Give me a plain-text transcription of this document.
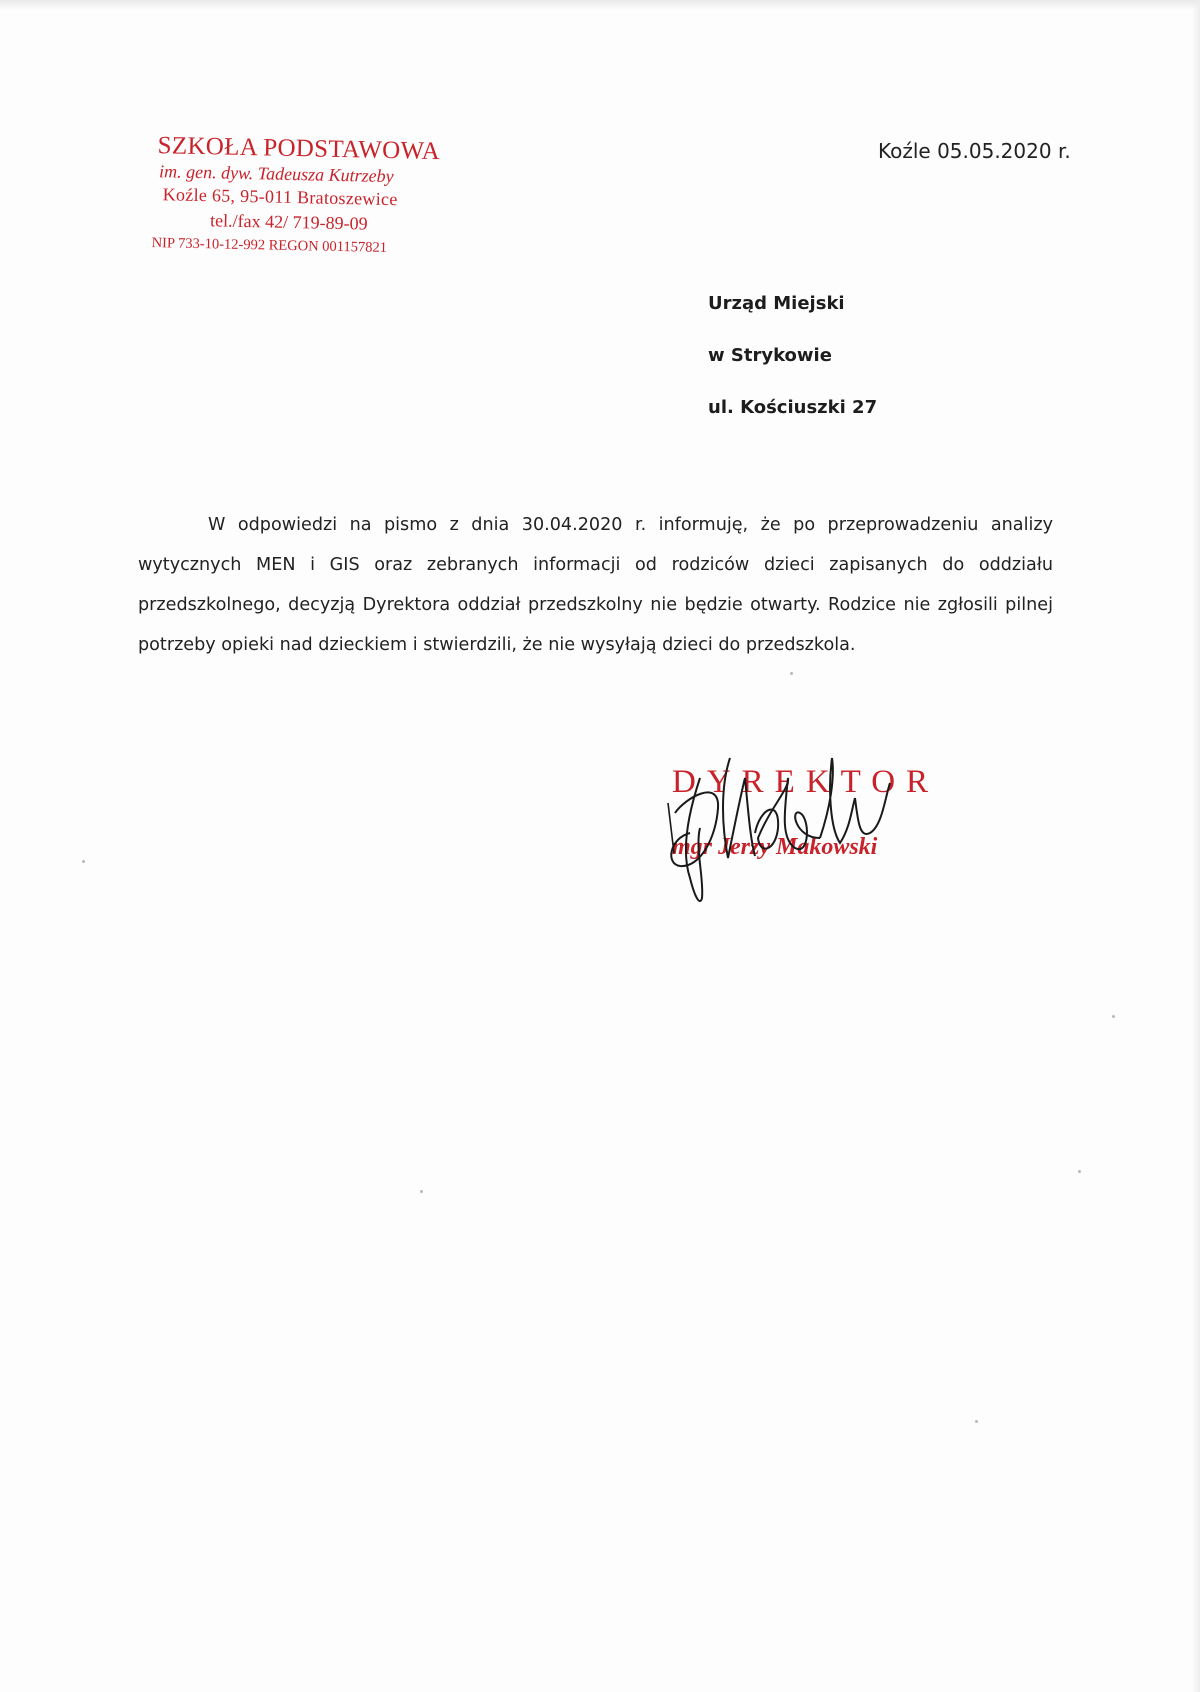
SZKOŁA PODSTAWOWA
im. gen. dyw. Tadeusza Kutrzeby
Koźle 65, 95-011 Bratoszewice
tel./fax 42/ 719-89-09
NIP 733-10-12-992 REGON 001157821
Koźle 05.05.2020 r.
Urząd Miejski
w Strykowie
ul. Kościuszki 27

W odpowiedzi na pismo z dnia 30.04.2020 r. informuję, że po przeprowadzeniu analizy wytycznych MEN i GIS oraz zebranych informacji od rodziców dzieci zapisanych do oddziału przedszkolnego, decyzją Dyrektora oddział przedszkolny nie będzie otwarty. Rodzice nie zgłosili pilnej potrzeby opieki nad dzieckiem i stwierdzili, że nie wysyłają dzieci do przedszkola.

DYREKTOR
mgr Jerzy Makowski
